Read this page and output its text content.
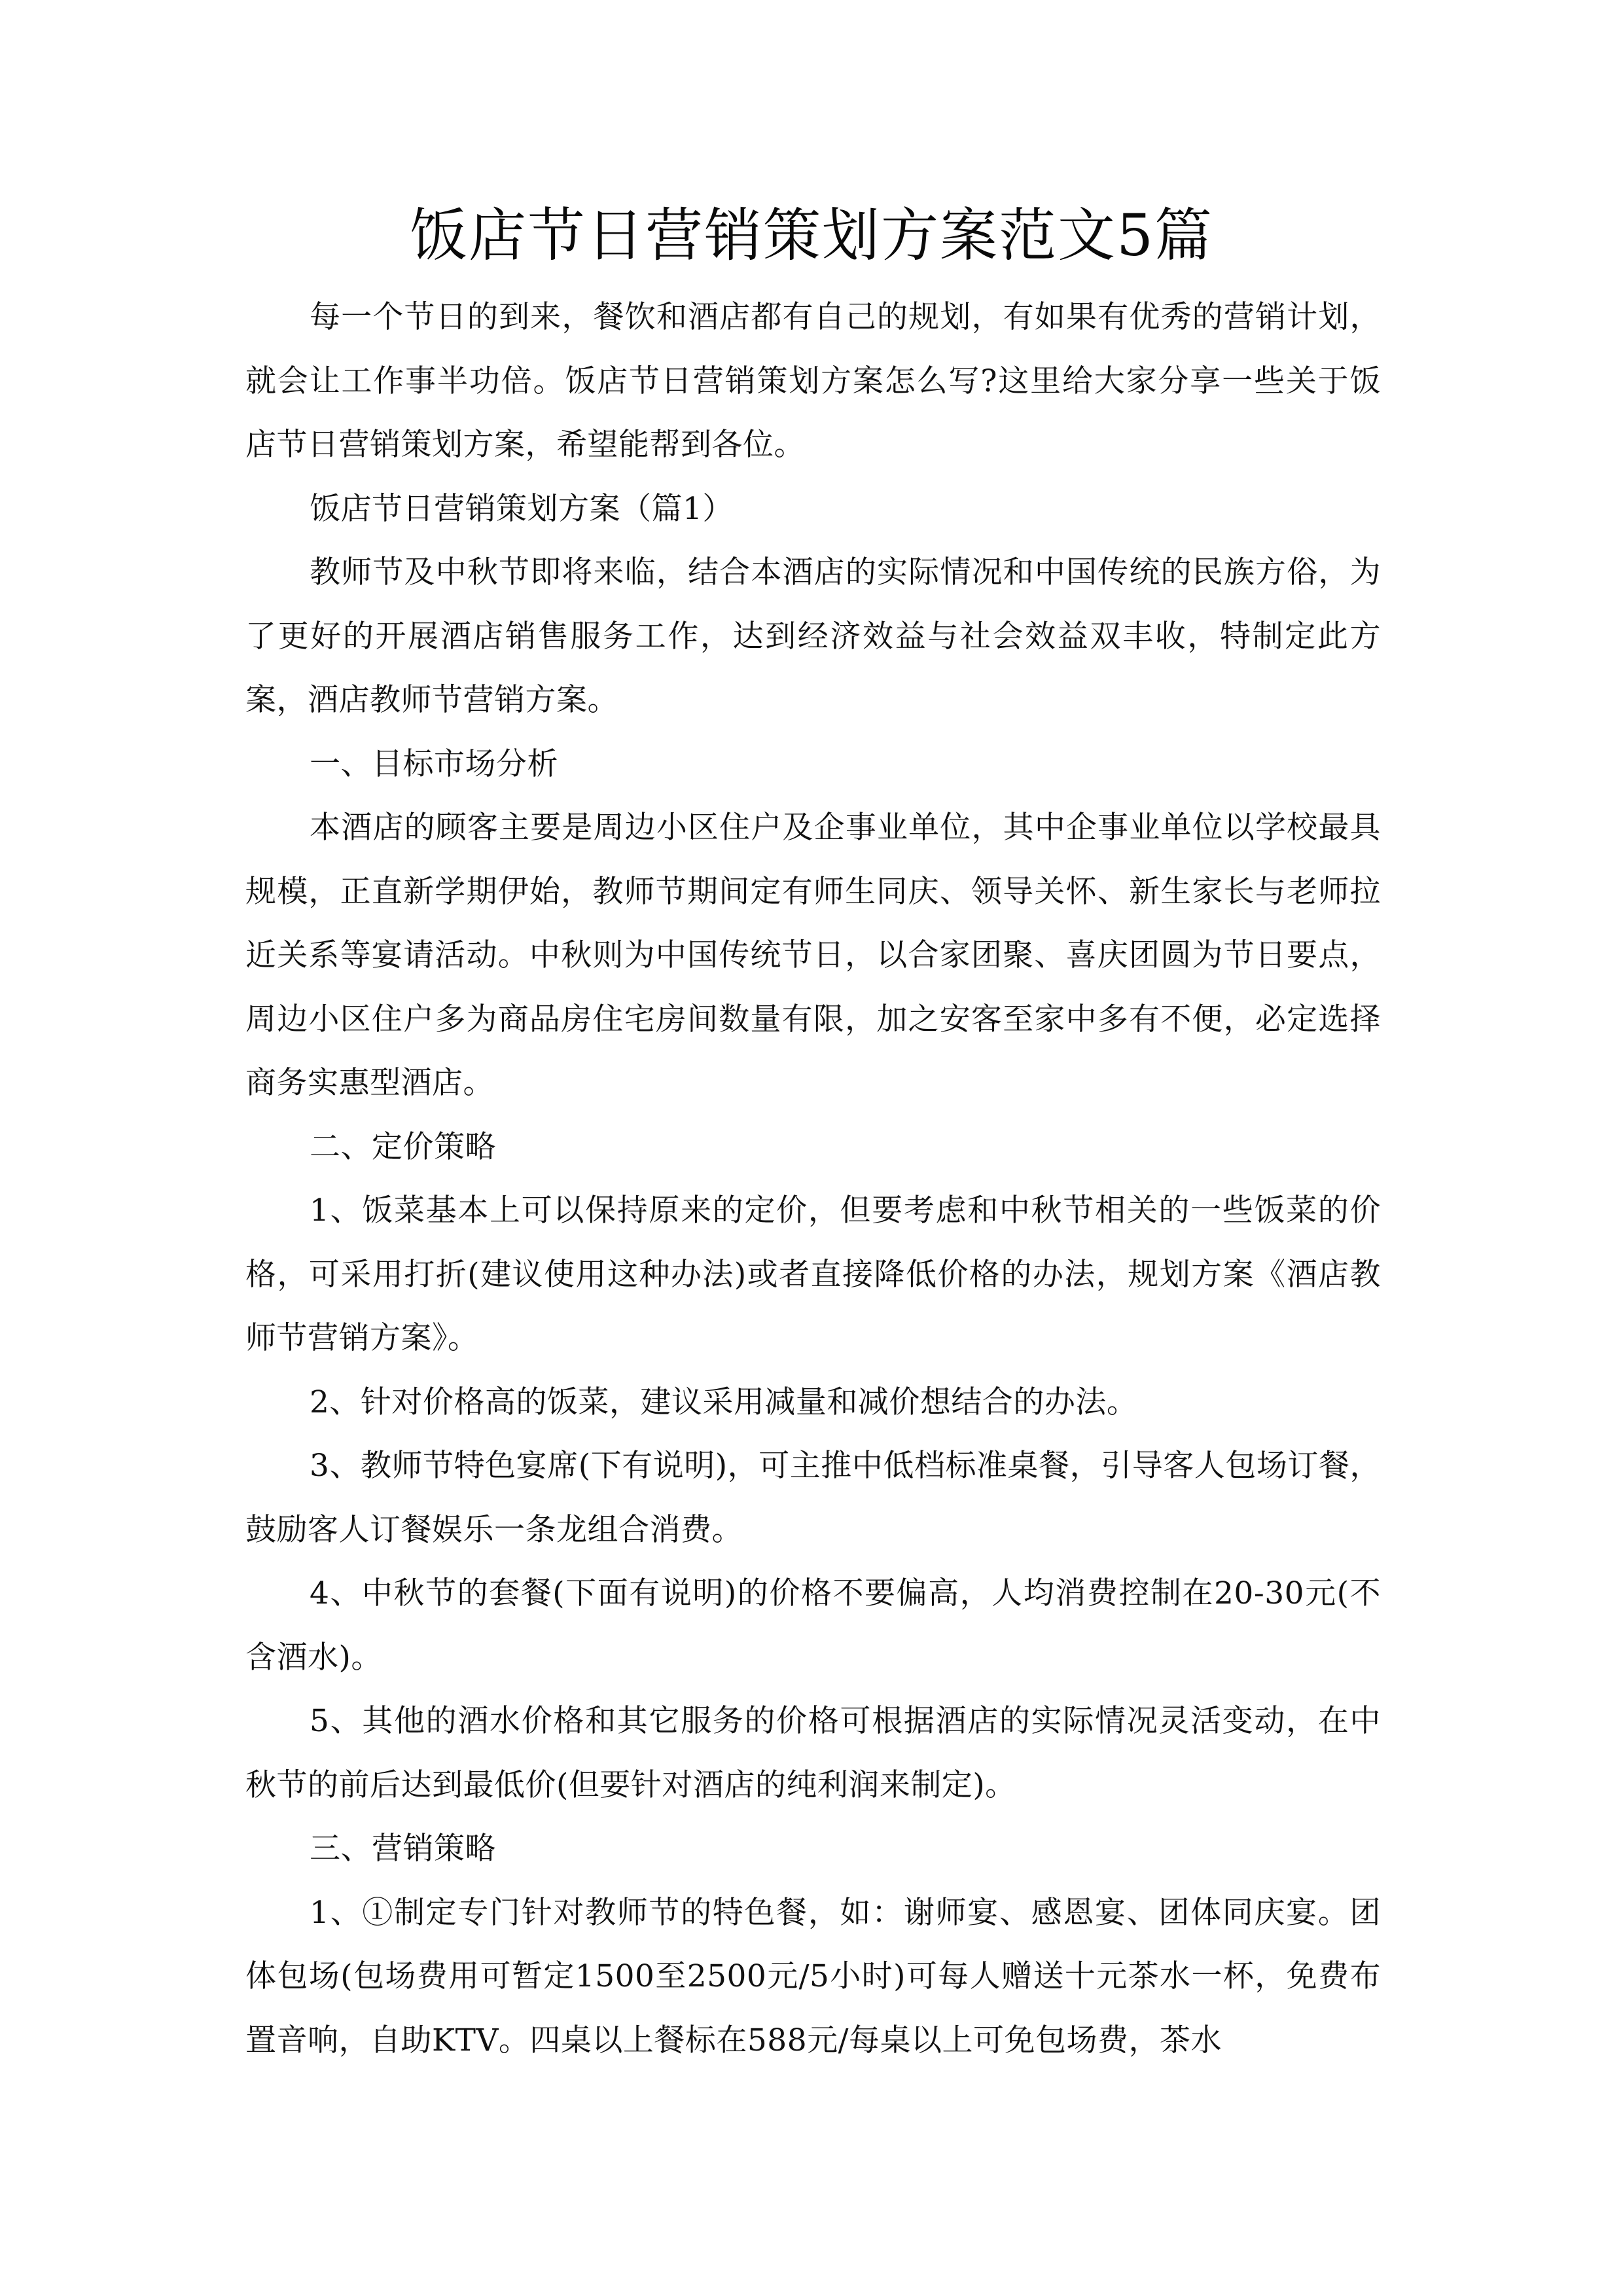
饭店节日营销策划方案范文5篇

每一个节日的到来，餐饮和酒店都有自己的规划，有如果有优秀的营销计划，就会让工作事半功倍。饭店节日营销策划方案怎么写?这里给大家分享一些关于饭店节日营销策划方案，希望能帮到各位。

饭店节日营销策划方案（篇1）

教师节及中秋节即将来临，结合本酒店的实际情况和中国传统的民族方俗，为了更好的开展酒店销售服务工作，达到经济效益与社会效益双丰收，特制定此方案，酒店教师节营销方案。

一、目标市场分析

本酒店的顾客主要是周边小区住户及企事业单位，其中企事业单位以学校最具规模，正直新学期伊始，教师节期间定有师生同庆、领导关怀、新生家长与老师拉近关系等宴请活动。中秋则为中国传统节日，以合家团聚、喜庆团圆为节日要点，周边小区住户多为商品房住宅房间数量有限，加之安客至家中多有不便，必定选择商务实惠型酒店。

二、定价策略

1、饭菜基本上可以保持原来的定价，但要考虑和中秋节相关的一些饭菜的价格，可采用打折(建议使用这种办法)或者直接降低价格的办法，规划方案《酒店教师节营销方案》。

2、针对价格高的饭菜，建议采用减量和减价想结合的办法。

3、教师节特色宴席(下有说明)，可主推中低档标准桌餐，引导客人包场订餐，鼓励客人订餐娱乐一条龙组合消费。

4、中秋节的套餐(下面有说明)的价格不要偏高，人均消费控制在20-30元(不含酒水)。

5、其他的酒水价格和其它服务的价格可根据酒店的实际情况灵活变动，在中秋节的前后达到最低价(但要针对酒店的纯利润来制定)。

三、营销策略

1、①制定专门针对教师节的特色餐，如：谢师宴、感恩宴、团体同庆宴。团体包场(包场费用可暂定1500至2500元/5小时)可每人赠送十元茶水一杯，免费布置音响，自助KTV。四桌以上餐标在588元/每桌以上可免包场费，茶水
